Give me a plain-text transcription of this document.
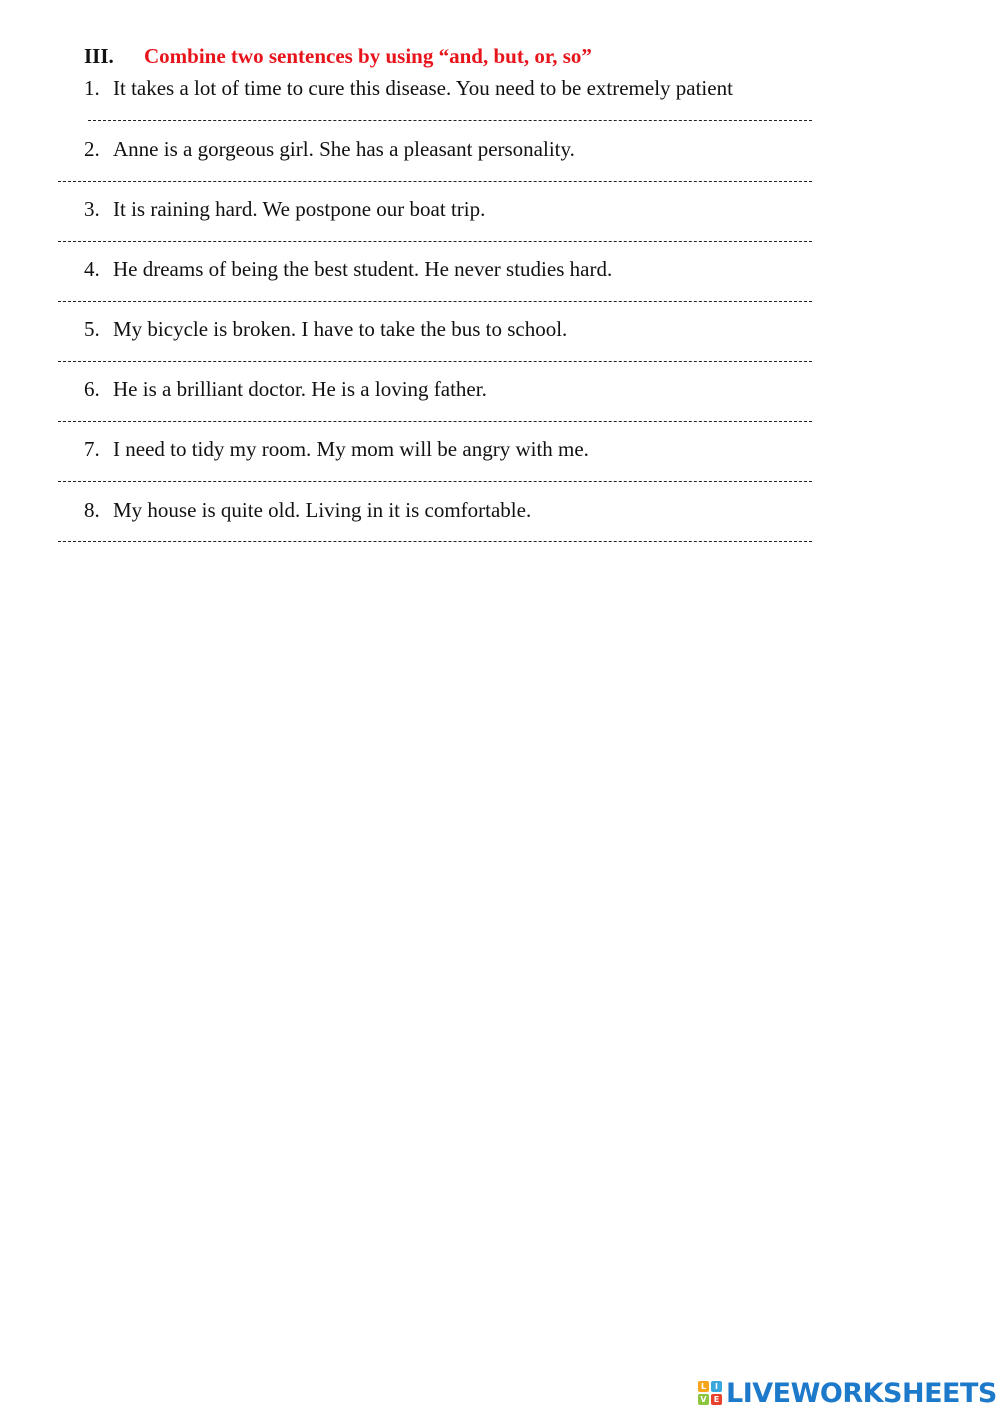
III.	Combine two sentences by using “and, but, or, so”
1. It takes a lot of time to cure this disease. You need to be extremely patient
2. Anne is a gorgeous girl. She has a pleasant personality.
3. It is raining hard. We postpone our boat trip.
4. He dreams of being the best student. He never studies hard.
5. My bicycle is broken. I have to take the bus to school.
6. He is a brilliant doctor. He is a loving father.
7. I need to tidy my room. My mom will be angry with me.
8. My house is quite old. Living in it is comfortable.
L	I
V E LIVEWORKSHEETS
